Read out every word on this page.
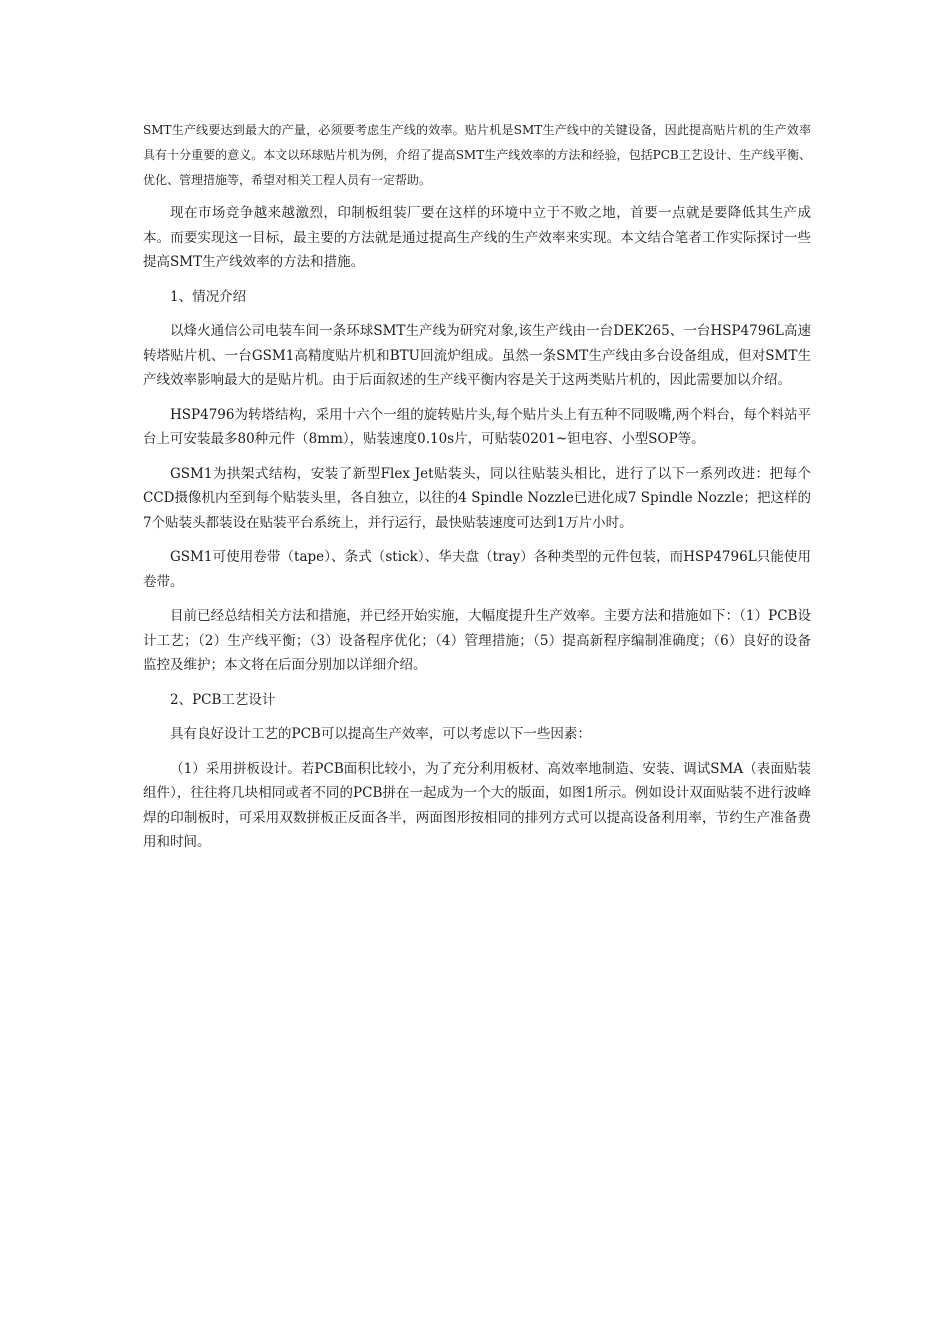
SMT生产线要达到最大的产量，必须要考虑生产线的效率。贴片机是SMT生产线中的关键设备，因此提高贴片机的生产效率具有十分重要的意义。本文以环球贴片机为例，介绍了提高SMT生产线效率的方法和经验，包括PCB工艺设计、生产线平衡、优化、管理措施等，希望对相关工程人员有一定帮助。

现在市场竞争越来越激烈，印制板组装厂要在这样的环境中立于不败之地，首要一点就是要降低其生产成本。而要实现这一目标，最主要的方法就是通过提高生产线的生产效率来实现。本文结合笔者工作实际探讨一些提高SMT生产线效率的方法和措施。

1、情况介绍

以烽火通信公司电装车间一条环球SMT生产线为研究对象,该生产线由一台DEK265、一台HSP4796L高速转塔贴片机、一台GSM1高精度贴片机和BTU回流炉组成。虽然一条SMT生产线由多台设备组成，但对SMT生产线效率影响最大的是贴片机。由于后面叙述的生产线平衡内容是关于这两类贴片机的，因此需要加以介绍。

HSP4796为转塔结构，采用十六个一组的旋转贴片头,每个贴片头上有五种不同吸嘴,两个料台，每个料站平台上可安装最多80种元件（8mm），贴装速度0.10s片，可贴装0201~钽电容、小型SOP等。

GSM1为拱架式结构，安装了新型Flex Jet贴装头，同以往贴装头相比，进行了以下一系列改进：把每个CCD摄像机内至到每个贴装头里，各自独立，以往的4 Spindle Nozzle已进化成7 Spindle Nozzle；把这样的7个贴装头都装设在贴装平台系统上，并行运行，最快贴装速度可达到1万片小时。

GSM1可使用卷带（tape）、条式（stick）、华夫盘（tray）各种类型的元件包装，而HSP4796L只能使用卷带。

目前已经总结相关方法和措施，并已经开始实施，大幅度提升生产效率。主要方法和措施如下：（1）PCB设计工艺；（2）生产线平衡；（3）设备程序优化；（4）管理措施；（5）提高新程序编制准确度；（6）良好的设备监控及维护；本文将在后面分别加以详细介绍。

2、PCB工艺设计

具有良好设计工艺的PCB可以提高生产效率，可以考虑以下一些因素：

（1）采用拼板设计。若PCB面积比较小，为了充分利用板材、高效率地制造、安装、调试SMA（表面贴装组件），往往将几块相同或者不同的PCB拼在一起成为一个大的版面，如图1所示。例如设计双面贴装不进行波峰焊的印制板时，可采用双数拼板正反面各半，两面图形按相同的排列方式可以提高设备利用率，节约生产准备费用和时间。
